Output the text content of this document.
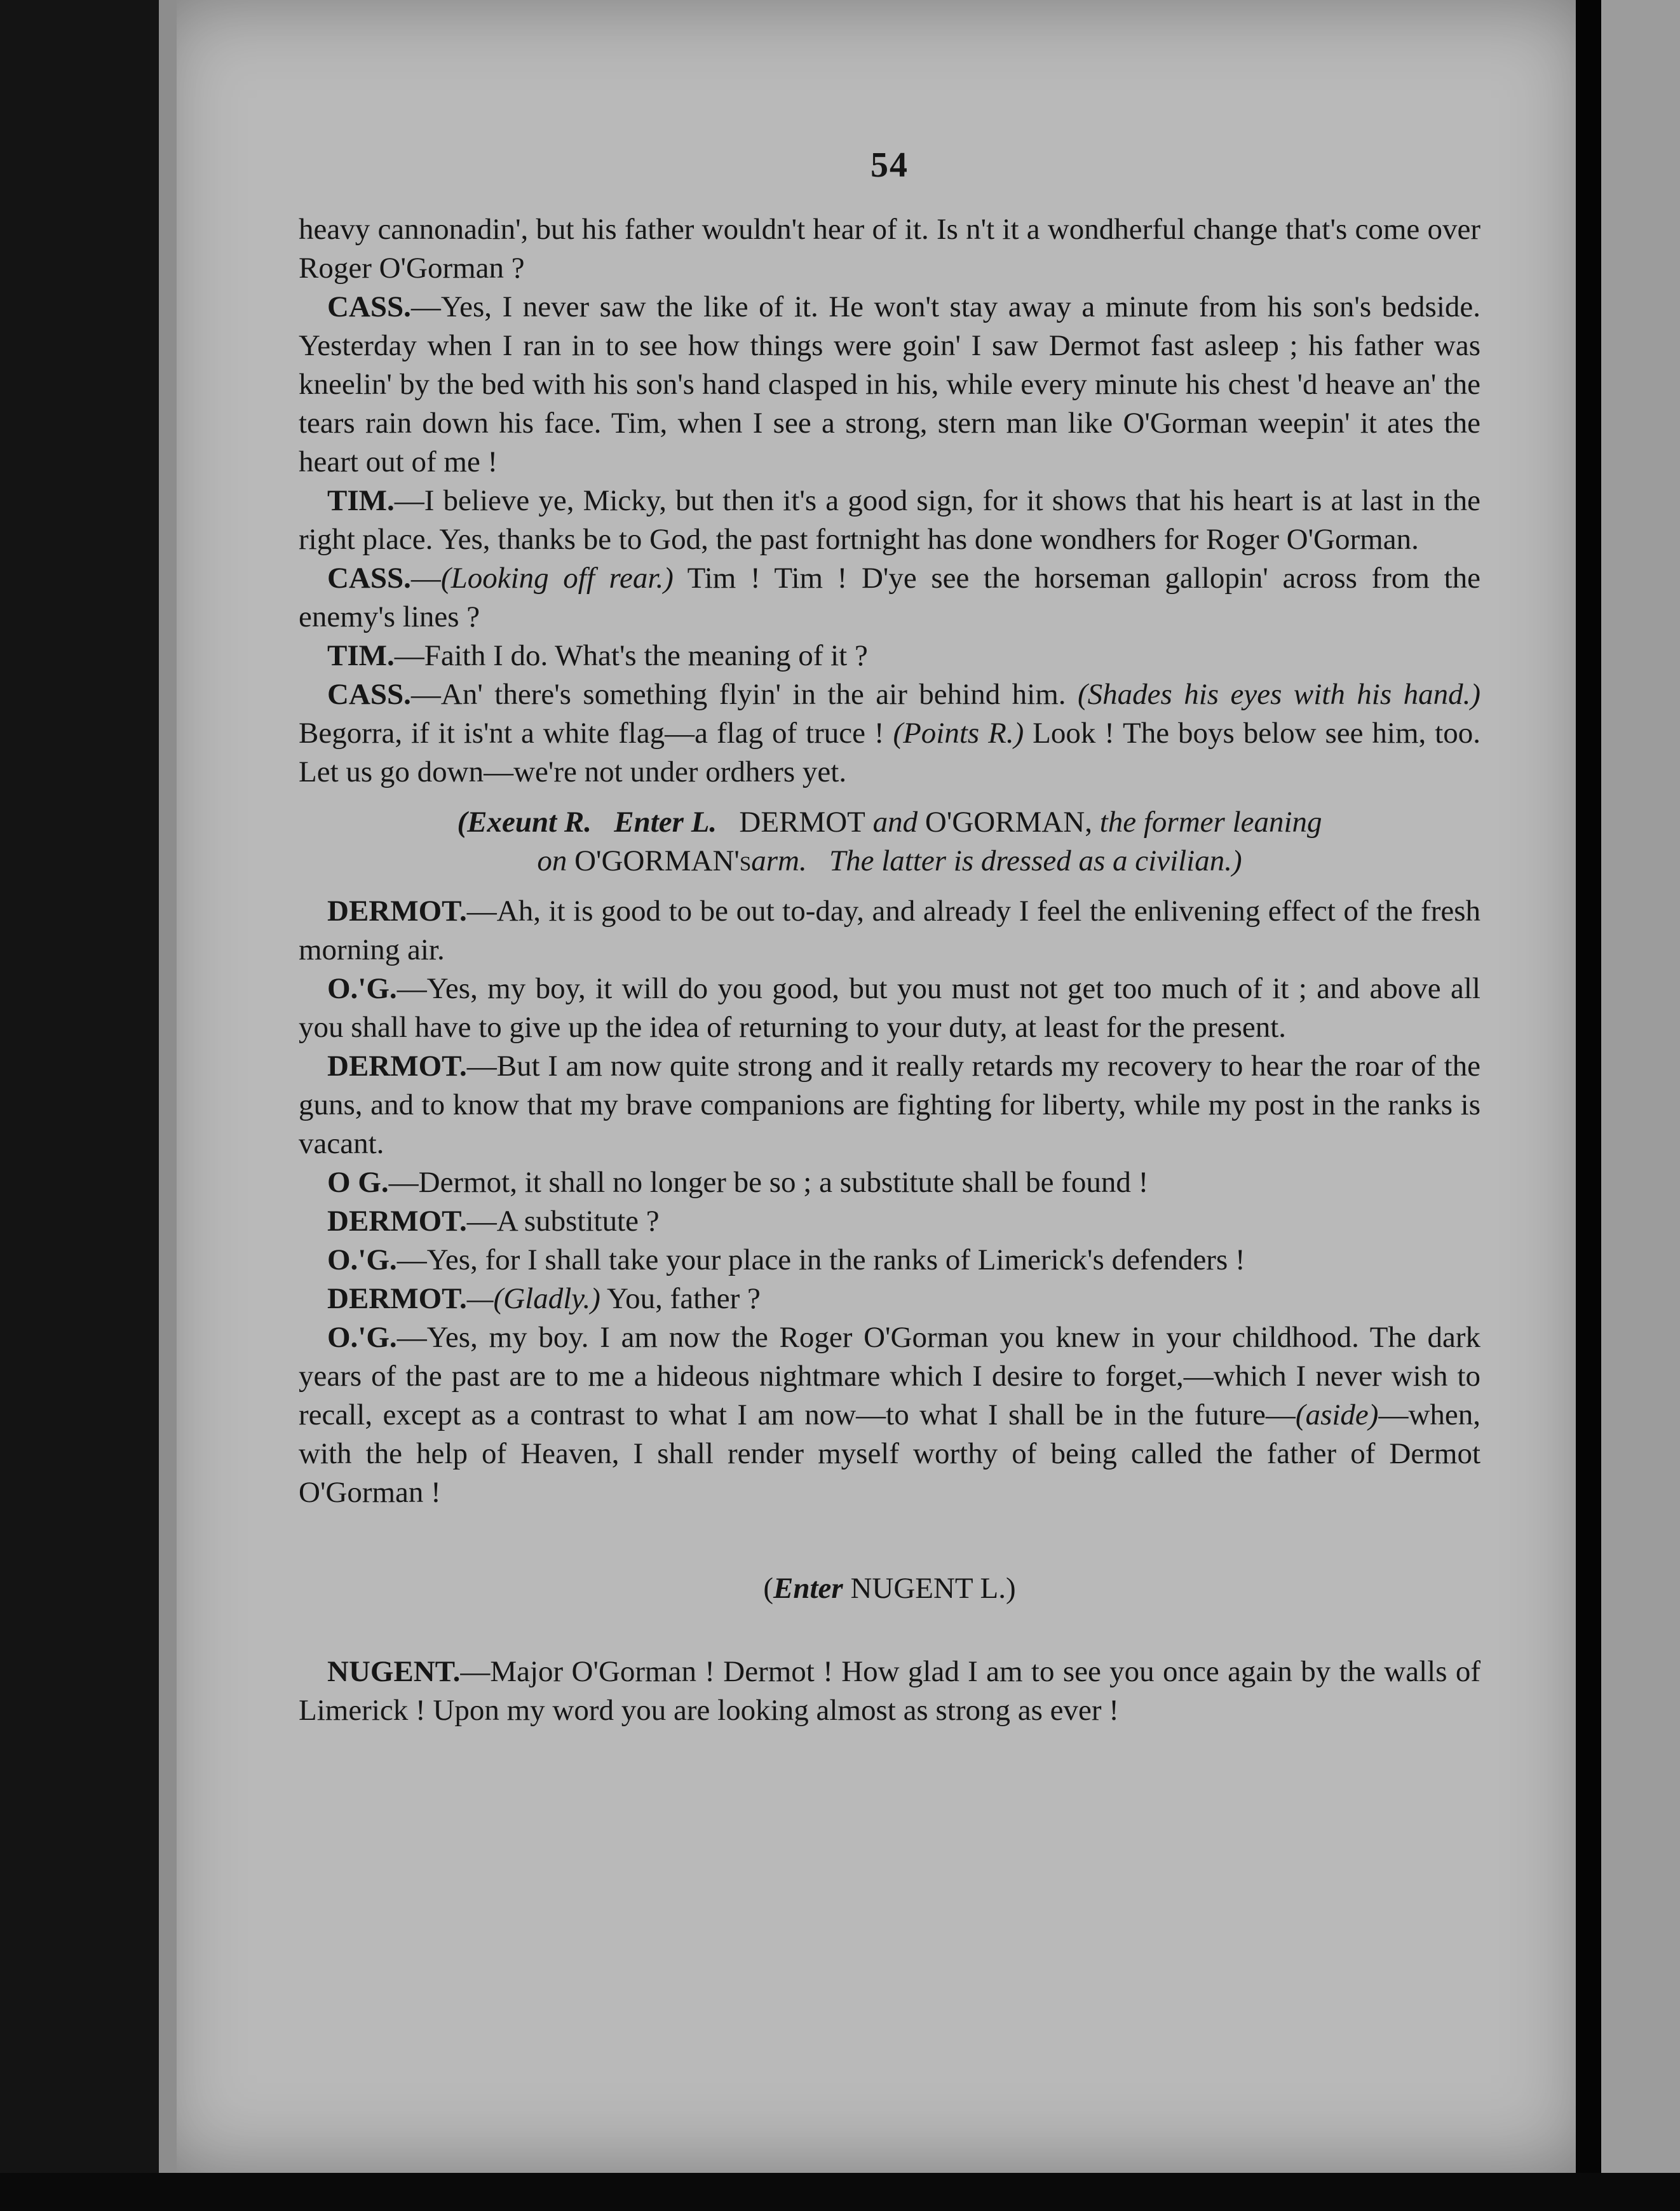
54

heavy cannonadin', but his father wouldn't hear of it. Is n't it a wondherful change that's come over Roger O'Gorman ?

CASS.—Yes, I never saw the like of it. He won't stay away a minute from his son's bedside. Yesterday when I ran in to see how things were goin' I saw Dermot fast asleep ; his father was kneelin' by the bed with his son's hand clasped in his, while every minute his chest 'd heave an' the tears rain down his face. Tim, when I see a strong, stern man like O'Gorman weepin' it ates the heart out of me !

TIM.—I believe ye, Micky, but then it's a good sign, for it shows that his heart is at last in the right place. Yes, thanks be to God, the past fortnight has done wondhers for Roger O'Gorman.

CASS.—(Looking off rear.) Tim ! Tim ! D'ye see the horseman gallopin' across from the enemy's lines ?

TIM.—Faith I do. What's the meaning of it ?

CASS.—An' there's something flyin' in the air behind him. (Shades his eyes with his hand.) Begorra, if it is'nt a white flag—a flag of truce ! (Points R.) Look ! The boys below see him, too. Let us go down—we're not under ordhers yet.

(Exeunt R. Enter L. DERMOT and O'GORMAN, the former leaning
on O'GORMAN'sarm. The latter is dressed as a civilian.)

DERMOT.—Ah, it is good to be out to-day, and already I feel the enlivening effect of the fresh morning air.

O.'G.—Yes, my boy, it will do you good, but you must not get too much of it ; and above all you shall have to give up the idea of returning to your duty, at least for the present.

DERMOT.—But I am now quite strong and it really retards my recovery to hear the roar of the guns, and to know that my brave companions are fighting for liberty, while my post in the ranks is vacant.

O G.—Dermot, it shall no longer be so ; a substitute shall be found !

DERMOT.—A substitute ?

O.'G.—Yes, for I shall take your place in the ranks of Limerick's defenders !

DERMOT.—(Gladly.) You, father ?

O.'G.—Yes, my boy. I am now the Roger O'Gorman you knew in your childhood. The dark years of the past are to me a hideous nightmare which I desire to forget,—which I never wish to recall, except as a contrast to what I am now—to what I shall be in the future—(aside)—when, with the help of Heaven, I shall render myself worthy of being called the father of Dermot O'Gorman !

(Enter NUGENT L.)

NUGENT.—Major O'Gorman ! Dermot ! How glad I am to see you once again by the walls of Limerick ! Upon my word you are looking almost as strong as ever !
